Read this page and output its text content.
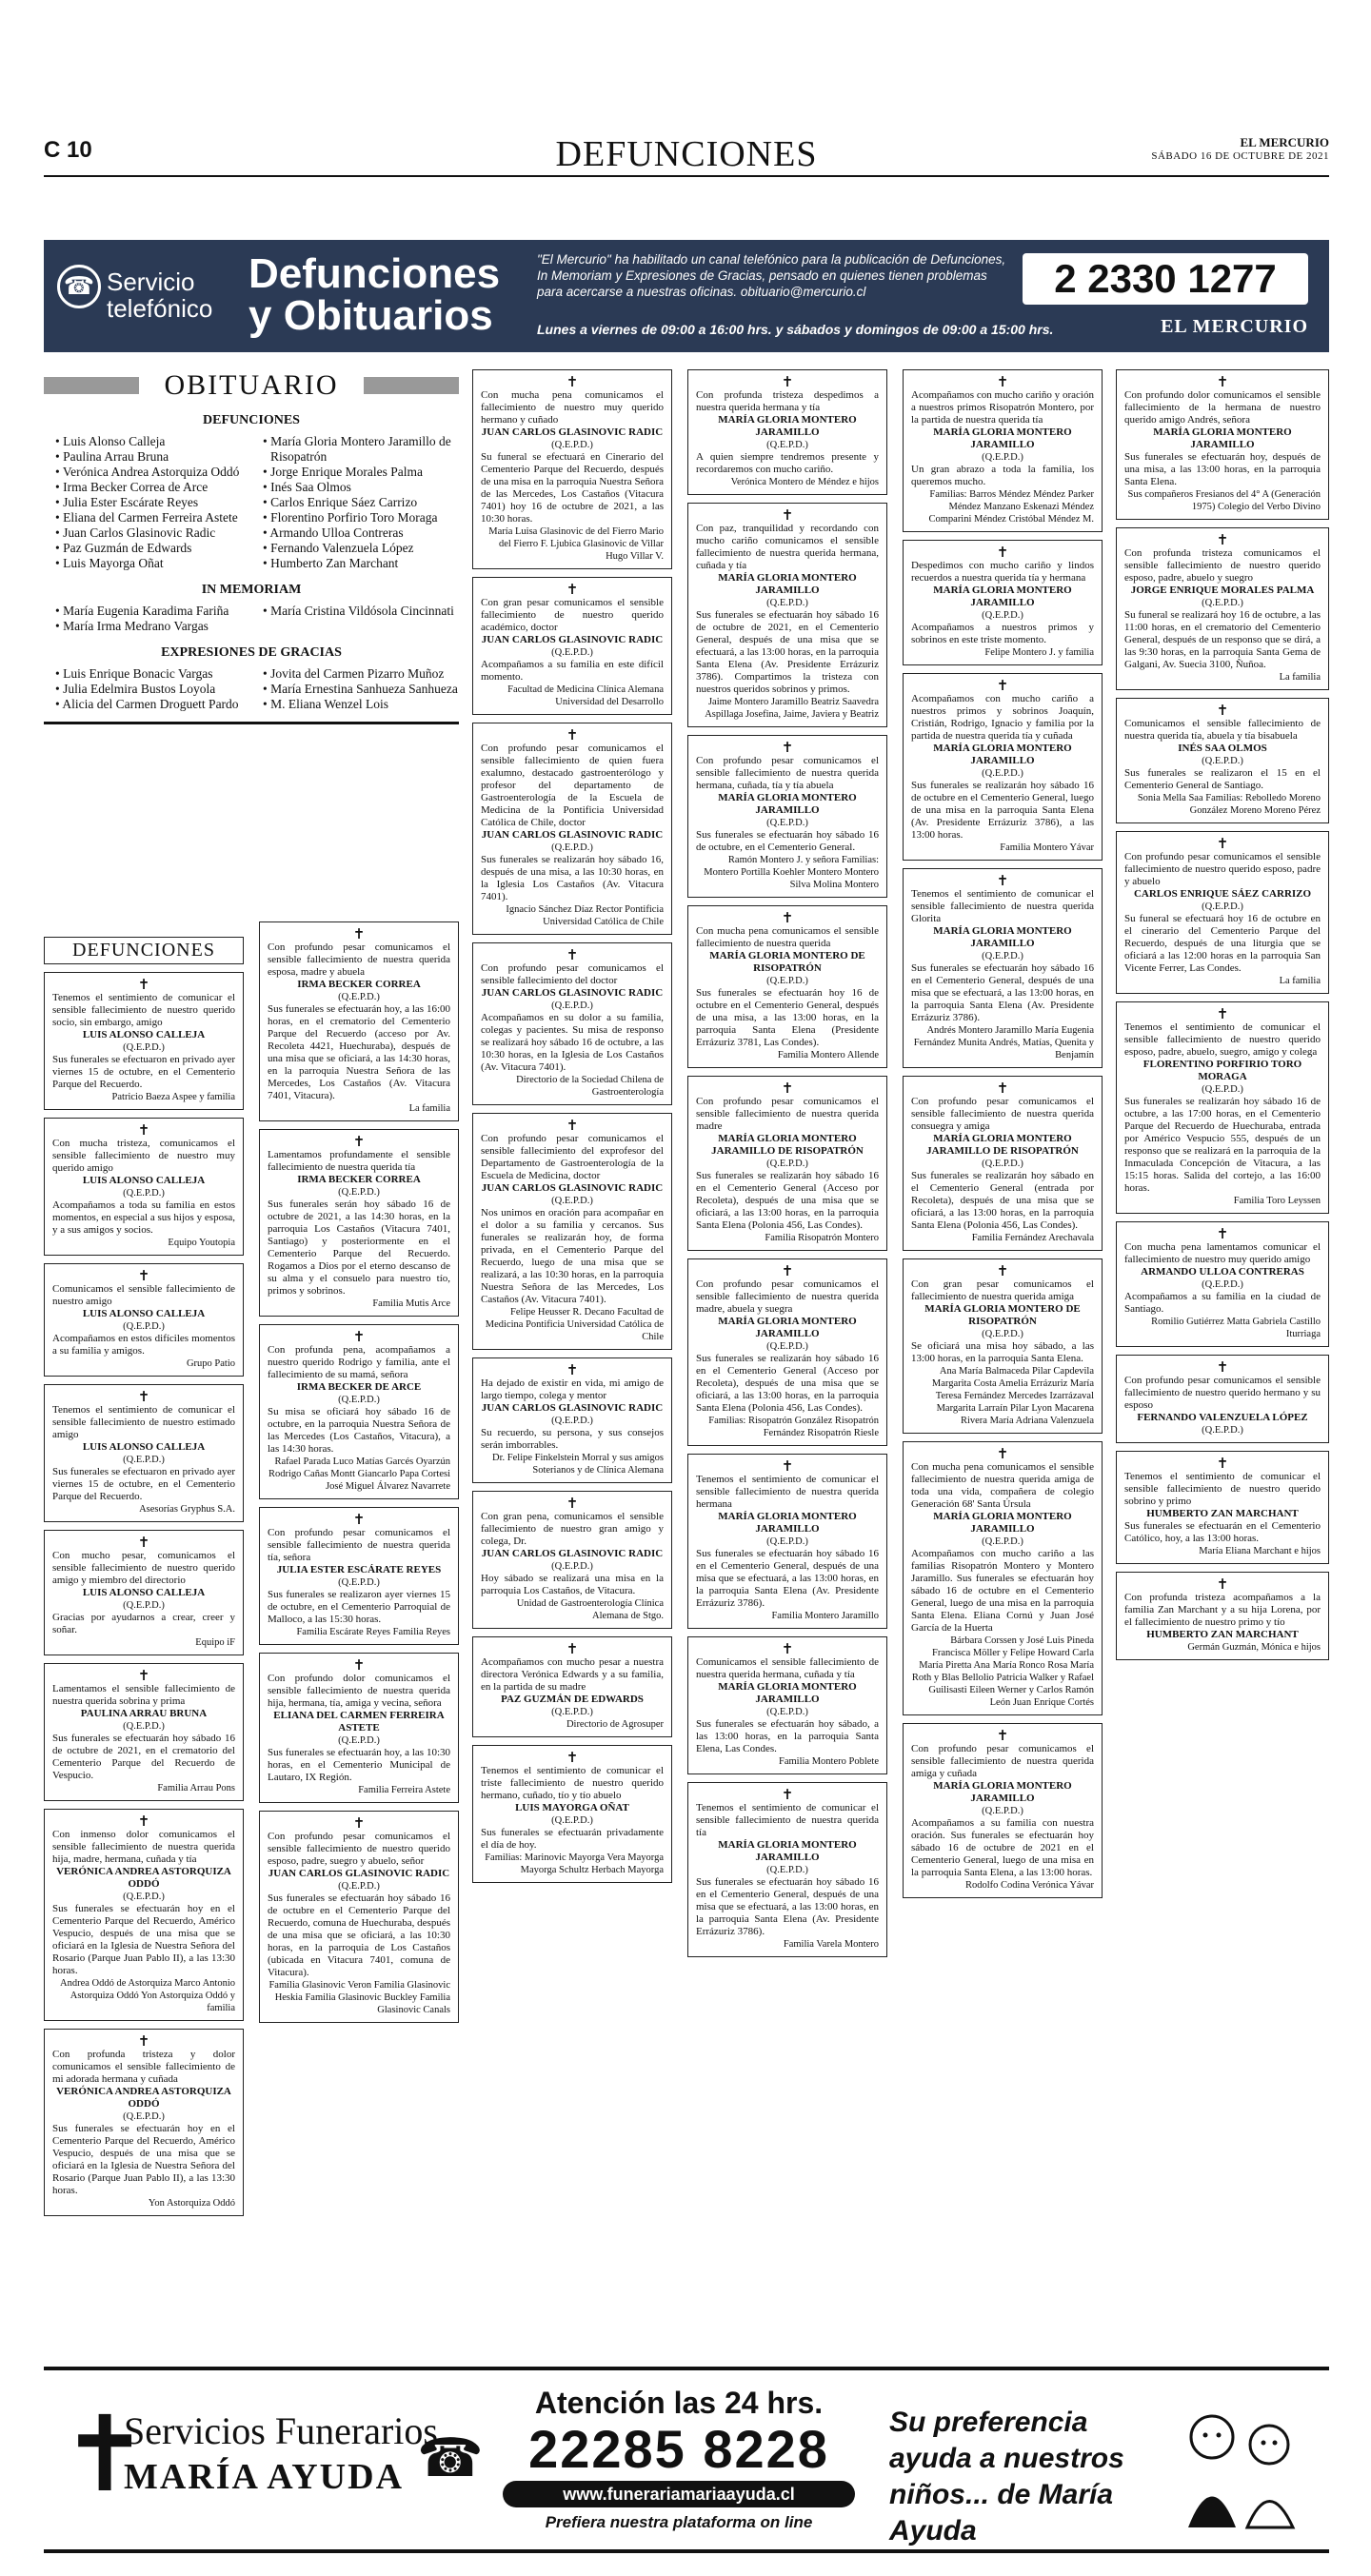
C 10	DEFUNCIONES	EL MERCURIO
SÁBADO 16 DE OCTUBRE DE 2021
☎ Servicio telefónico
Defunciones y Obituarios
"El Mercurio" ha habilitado un canal telefónico para la publicación de Defunciones, In Memoriam y Expresiones de Gracias, pensado en quienes tienen problemas para acercarse a nuestras oficinas. obituario@mercurio.cl
Lunes a viernes de 09:00 a 16:00 hrs. y sábados y domingos de 09:00 a 15:00 hrs.
2 2330 1277
EL MERCURIO
OBITUARIO
DEFUNCIONES
• Luis Alonso Calleja
• Paulina Arrau Bruna
• Verónica Andrea Astorquiza Oddó
• Irma Becker Correa de Arce
• Julia Ester Escárate Reyes
• Eliana del Carmen Ferreira Astete
• Juan Carlos Glasinovic Radic
• Paz Guzmán de Edwards
• Luis Mayorga Oñat
• María Gloria Montero Jaramillo de Risopatrón
• Jorge Enrique Morales Palma
• Inés Saa Olmos
• Carlos Enrique Sáez Carrizo
• Florentino Porfirio Toro Moraga
• Armando Ulloa Contreras
• Fernando Valenzuela López
• Humberto Zan Marchant
IN MEMORIAM
• María Eugenia Karadima Fariña
• María Irma Medrano Vargas
• María Cristina Vildósola Cincinnati
EXPRESIONES DE GRACIAS
• Luis Enrique Bonacic Vargas
• Julia Edelmira Bustos Loyola
• Alicia del Carmen Droguett Pardo
• Jovita del Carmen Pizarro Muñoz
• María Ernestina Sanhueza Sanhueza
• M. Eliana Wenzel Lois
DEFUNCIONES
✝

Tenemos el sentimiento de comunicar el sensible fallecimiento de nuestro querido socio, sin embargo, amigo

LUIS ALONSO CALLEJA
(Q.E.P.D.)

Sus funerales se efectuaron en privado ayer viernes 15 de octubre, en el Cementerio Parque del Recuerdo.

Patricio Baeza Aspee y familia
✝

Con mucha tristeza, comunicamos el sensible fallecimiento de nuestro muy querido amigo

LUIS ALONSO CALLEJA
(Q.E.P.D.)

Acompañamos a toda su familia en estos momentos, en especial a sus hijos y esposa, y a sus amigos y socios.

Equipo Youtopia
✝

Comunicamos el sensible fallecimiento de nuestro amigo

LUIS ALONSO CALLEJA
(Q.E.P.D.)

Acompañamos en estos difíciles momentos a su familia y amigos.

Grupo Patio
✝

Tenemos el sentimiento de comunicar el sensible fallecimiento de nuestro estimado amigo

LUIS ALONSO CALLEJA
(Q.E.P.D.)

Sus funerales se efectuaron en privado ayer viernes 15 de octubre, en el Cementerio Parque del Recuerdo.

Asesorías Gryphus S.A.
✝

Con mucho pesar, comunicamos el sensible fallecimiento de nuestro querido amigo y miembro del directorio

LUIS ALONSO CALLEJA
(Q.E.P.D.)

Gracias por ayudarnos a crear, creer y soñar.

Equipo iF
✝

Lamentamos el sensible fallecimiento de nuestra querida sobrina y prima

PAULINA ARRAU BRUNA
(Q.E.P.D.)

Sus funerales se efectuarán hoy sábado 16 de octubre de 2021, en el crematorio del Cementerio Parque del Recuerdo de Vespucio.

Familia Arrau Pons
✝

Con inmenso dolor comunicamos el sensible fallecimiento de nuestra querida hija, madre, hermana, cuñada y tía

VERÓNICA ANDREA ASTORQUIZA ODDÓ
(Q.E.P.D.)

Sus funerales se efectuarán hoy en el Cementerio Parque del Recuerdo, Américo Vespucio, después de una misa que se oficiará en la Iglesia de Nuestra Señora del Rosario (Parque Juan Pablo II), a las 13:30 horas.

Andrea Oddó de Astorquiza Marco Antonio Astorquiza Oddó Yon Astorquiza Oddó y familia
✝

Con profunda tristeza y dolor comunicamos el sensible fallecimiento de mi adorada hermana y cuñada

VERÓNICA ANDREA ASTORQUIZA ODDÓ
(Q.E.P.D.)

Sus funerales se efectuarán hoy en el Cementerio Parque del Recuerdo, Américo Vespucio, después de una misa que se oficiará en la Iglesia de Nuestra Señora del Rosario (Parque Juan Pablo II), a las 13:30 horas.

Yon Astorquiza Oddó
✝

Con profundo pesar comunicamos el sensible fallecimiento de nuestra querida esposa, madre y abuela

IRMA BECKER CORREA
(Q.E.P.D.)

Sus funerales se efectuarán hoy, a las 16:00 horas, en el crematorio del Cementerio Parque del Recuerdo (acceso por Av. Recoleta 4421, Huechuraba), después de una misa que se oficiará, a las 14:30 horas, en la parroquia Nuestra Señora de las Mercedes, Los Castaños (Av. Vitacura 7401, Vitacura).

La familia
✝

Lamentamos profundamente el sensible fallecimiento de nuestra querida tía

IRMA BECKER CORREA
(Q.E.P.D.)

Sus funerales serán hoy sábado 16 de octubre de 2021, a las 14:30 horas, en la parroquia Los Castaños (Vitacura 7401, Santiago) y posteriormente en el Cementerio Parque del Recuerdo. Rogamos a Dios por el eterno descanso de su alma y el consuelo para nuestro tío, primos y sobrinos.

Familia Mutis Arce
✝

Con profunda pena, acompañamos a nuestro querido Rodrigo y familia, ante el fallecimiento de su mamá, señora

IRMA BECKER DE ARCE
(Q.E.P.D.)

Su misa se oficiará hoy sábado 16 de octubre, en la parroquia Nuestra Señora de las Mercedes (Los Castaños, Vitacura), a las 14:30 horas.

Rafael Parada Luco Matías Garcés Oyarzún Rodrigo Cañas Montt Giancarlo Papa Cortesi José Miguel Álvarez Navarrete
✝

Con profundo pesar comunicamos el sensible fallecimiento de nuestra querida tía, señora

JULIA ESTER ESCÁRATE REYES
(Q.E.P.D.)

Sus funerales se realizaron ayer viernes 15 de octubre, en el Cementerio Parroquial de Malloco, a las 15:30 horas.

Familia Escárate Reyes Familia Reyes
✝

Con profundo dolor comunicamos el sensible fallecimiento de nuestra querida hija, hermana, tía, amiga y vecina, señora

ELIANA DEL CARMEN FERREIRA ASTETE
(Q.E.P.D.)

Sus funerales se efectuarán hoy, a las 10:30 horas, en el Cementerio Municipal de Lautaro, IX Región.

Familia Ferreira Astete
✝

Con profundo pesar comunicamos el sensible fallecimiento de nuestro querido esposo, padre, suegro y abuelo, señor

JUAN CARLOS GLASINOVIC RADIC
(Q.E.P.D.)

Sus funerales se efectuarán hoy sábado 16 de octubre en el Cementerio Parque del Recuerdo, comuna de Huechuraba, después de una misa que se oficiará, a las 10:30 horas, en la parroquia de Los Castaños (ubicada en Vitacura 7401, comuna de Vitacura).

Familia Glasinovic Veron Familia Glasinovic Heskia Familia Glasinovic Buckley Familia Glasinovic Canals
✝

Con mucha pena comunicamos el fallecimiento de nuestro muy querido hermano y cuñado

JUAN CARLOS GLASINOVIC RADIC
(Q.E.P.D.)

Su funeral se efectuará en Cinerario del Cementerio Parque del Recuerdo, después de una misa en la parroquia Nuestra Señora de las Mercedes, Los Castaños (Vitacura 7401) hoy 16 de octubre de 2021, a las 10:30 horas.

María Luisa Glasinovic de del Fierro Mario del Fierro F. Ljubica Glasinovic de Villar Hugo Villar V.
✝

Con gran pesar comunicamos el sensible fallecimiento de nuestro querido académico, doctor

JUAN CARLOS GLASINOVIC RADIC
(Q.E.P.D.)

Acompañamos a su familia en este difícil momento.

Facultad de Medicina Clínica Alemana Universidad del Desarrollo
✝

Con profundo pesar comunicamos el sensible fallecimiento de quien fuera exalumno, destacado gastroenterólogo y profesor del departamento de Gastroenterología de la Escuela de Medicina de la Pontificia Universidad Católica de Chile, doctor

JUAN CARLOS GLASINOVIC RADIC
(Q.E.P.D.)

Sus funerales se realizarán hoy sábado 16, después de una misa, a las 10:30 horas, en la Iglesia Los Castaños (Av. Vitacura 7401).

Ignacio Sánchez Díaz Rector Pontificia Universidad Católica de Chile
✝

Con profundo pesar comunicamos el sensible fallecimiento del doctor

JUAN CARLOS GLASINOVIC RADIC
(Q.E.P.D.)

Acompañamos en su dolor a su familia, colegas y pacientes. Su misa de responso se realizará hoy sábado 16 de octubre, a las 10:30 horas, en la Iglesia de Los Castaños (Av. Vitacura 7401).

Directorio de la Sociedad Chilena de Gastroenterología
✝

Con profundo pesar comunicamos el sensible fallecimiento del exprofesor del Departamento de Gastroenterología de la Escuela de Medicina, doctor

JUAN CARLOS GLASINOVIC RADIC
(Q.E.P.D.)

Nos unimos en oración para acompañar en el dolor a su familia y cercanos. Sus funerales se realizarán hoy, de forma privada, en el Cementerio Parque del Recuerdo, luego de una misa que se realizará, a las 10:30 horas, en la parroquia Nuestra Señora de las Mercedes, Los Castaños (Av. Vitacura 7401).

Felipe Heusser R. Decano Facultad de Medicina Pontificia Universidad Católica de Chile
✝

Ha dejado de existir en vida, mi amigo de largo tiempo, colega y mentor

JUAN CARLOS GLASINOVIC RADIC
(Q.E.P.D.)

Su recuerdo, su persona, y sus consejos serán imborrables.

Dr. Felipe Finkelstein Morral y sus amigos Soterianos y de Clínica Alemana
✝

Con gran pena, comunicamos el sensible fallecimiento de nuestro gran amigo y colega, Dr.

JUAN CARLOS GLASINOVIC RADIC
(Q.E.P.D.)

Hoy sábado se realizará una misa en la parroquia Los Castaños, de Vitacura.

Unidad de Gastroenterología Clínica Alemana de Stgo.
✝

Acompañamos con mucho pesar a nuestra directora Verónica Edwards y a su familia, en la partida de su madre

PAZ GUZMÁN DE EDWARDS
(Q.E.P.D.)
Directorio de Agrosuper
✝

Tenemos el sentimiento de comunicar el triste fallecimiento de nuestro querido hermano, cuñado, tío y tío abuelo

LUIS MAYORGA OÑAT
(Q.E.P.D.)

Sus funerales se efectuarán privadamente el día de hoy.

Familias: Marinovic Mayorga Vera Mayorga Mayorga Schultz Herbach Mayorga
✝

Con profunda tristeza despedimos a nuestra querida hermana y tía

MARÍA GLORIA MONTERO JARAMILLO
(Q.E.P.D.)

A quien siempre tendremos presente y recordaremos con mucho cariño.

Verónica Montero de Méndez e hijos
✝

Con paz, tranquilidad y recordando con mucho cariño comunicamos el sensible fallecimiento de nuestra querida hermana, cuñada y tía

MARÍA GLORIA MONTERO JARAMILLO
(Q.E.P.D.)

Sus funerales se efectuarán hoy sábado 16 de octubre de 2021, en el Cementerio General, después de una misa que se efectuará, a las 13:00 horas, en la parroquia Santa Elena (Av. Presidente Errázuriz 3786). Compartimos la tristeza con nuestros queridos sobrinos y primos.

Jaime Montero Jaramillo Beatriz Saavedra Aspillaga Josefina, Jaime, Javiera y Beatriz
✝

Con profundo pesar comunicamos el sensible fallecimiento de nuestra querida hermana, cuñada, tía y tía abuela

MARÍA GLORIA MONTERO JARAMILLO
(Q.E.P.D.)

Sus funerales se efectuarán hoy sábado 16 de octubre, en el Cementerio General.

Ramón Montero J. y señora Familias: Montero Portilla Koehler Montero Montero Silva Molina Montero
✝

Con mucha pena comunicamos el sensible fallecimiento de nuestra querida

MARÍA GLORIA MONTERO DE RISOPATRÓN
(Q.E.P.D.)

Sus funerales se efectuarán hoy 16 de octubre en el Cementerio General, después de una misa, a las 13:00 horas, en la parroquia Santa Elena (Presidente Errázuriz 3781, Las Condes).

Familia Montero Allende
✝

Con profundo pesar comunicamos el sensible fallecimiento de nuestra querida madre

MARÍA GLORIA MONTERO JARAMILLO DE RISOPATRÓN
(Q.E.P.D.)

Sus funerales se realizarán hoy sábado 16 en el Cementerio General (Acceso por Recoleta), después de una misa que se oficiará, a las 13:00 horas, en la parroquia Santa Elena (Polonia 456, Las Condes).

Familia Risopatrón Montero
✝

Con profundo pesar comunicamos el sensible fallecimiento de nuestra querida madre, abuela y suegra

MARÍA GLORIA MONTERO JARAMILLO
(Q.E.P.D.)

Sus funerales se realizarán hoy sábado 16 en el Cementerio General (Acceso por Recoleta), después de una misa que se oficiará, a las 13:00 horas, en la parroquia Santa Elena (Polonia 456, Las Condes).

Familias: Risopatrón González Risopatrón Fernández Risopatrón Riesle
✝

Tenemos el sentimiento de comunicar el sensible fallecimiento de nuestra querida hermana

MARÍA GLORIA MONTERO JARAMILLO
(Q.E.P.D.)

Sus funerales se efectuarán hoy sábado 16 en el Cementerio General, después de una misa que se efectuará, a las 13:00 horas, en la parroquia Santa Elena (Av. Presidente Errázuriz 3786).

Familia Montero Jaramillo
✝

Comunicamos el sensible fallecimiento de nuestra querida hermana, cuñada y tía

MARÍA GLORIA MONTERO JARAMILLO
(Q.E.P.D.)

Sus funerales se efectuarán hoy sábado, a las 13:00 horas, en la parroquia Santa Elena, Las Condes.

Familia Montero Poblete
✝

Tenemos el sentimiento de comunicar el sensible fallecimiento de nuestra querida tía

MARÍA GLORIA MONTERO JARAMILLO
(Q.E.P.D.)

Sus funerales se efectuarán hoy sábado 16 en el Cementerio General, después de una misa que se efectuará, a las 13:00 horas, en la parroquia Santa Elena (Av. Presidente Errázuriz 3786).

Familia Varela Montero
✝

Acompañamos con mucho cariño y oración a nuestros primos Risopatrón Montero, por la partida de nuestra querida tía

MARÍA GLORIA MONTERO JARAMILLO
(Q.E.P.D.)

Un gran abrazo a toda la familia, los queremos mucho.

Familias: Barros Méndez Méndez Parker Méndez Manzano Eskenazi Méndez Comparini Méndez Cristóbal Méndez M.
✝

Despedimos con mucho cariño y lindos recuerdos a nuestra querida tía y hermana

MARÍA GLORIA MONTERO JARAMILLO
(Q.E.P.D.)

Acompañamos a nuestros primos y sobrinos en este triste momento.

Felipe Montero J. y familia
✝

Acompañamos con mucho cariño a nuestros primos y sobrinos Joaquín, Cristián, Rodrigo, Ignacio y familia por la partida de nuestra querida tía y cuñada

MARÍA GLORIA MONTERO JARAMILLO
(Q.E.P.D.)

Sus funerales se realizarán hoy sábado 16 de octubre en el Cementerio General, luego de una misa en la parroquia Santa Elena (Av. Presidente Errázuriz 3786), a las 13:00 horas.

Familia Montero Yávar
✝

Tenemos el sentimiento de comunicar el sensible fallecimiento de nuestra querida Glorita

MARÍA GLORIA MONTERO JARAMILLO
(Q.E.P.D.)

Sus funerales se efectuarán hoy sábado 16 en el Cementerio General, después de una misa que se efectuará, a las 13:00 horas, en la parroquia Santa Elena (Av. Presidente Errázuriz 3786).

Andrés Montero Jaramillo María Eugenia Fernández Munita Andrés, Matías, Quenita y Benjamín
✝

Con profundo pesar comunicamos el sensible fallecimiento de nuestra querida consuegra y amiga

MARÍA GLORIA MONTERO JARAMILLO DE RISOPATRÓN
(Q.E.P.D.)

Sus funerales se realizarán hoy sábado en el Cementerio General (entrada por Recoleta), después de una misa que se oficiará, a las 13:00 horas, en la parroquia Santa Elena (Polonia 456, Las Condes).

Familia Fernández Arechavala
✝

Con gran pesar comunicamos el fallecimiento de nuestra querida amiga

MARÍA GLORIA MONTERO DE RISOPATRÓN
(Q.E.P.D.)

Se oficiará una misa hoy sábado, a las 13:00 horas, en la parroquia Santa Elena.

Ana María Balmaceda Pilar Capdevila Margarita Costa Amelia Errázuriz María Teresa Fernández Mercedes Izarrázaval Margarita Larraín Pilar Lyon Macarena Rivera María Adriana Valenzuela
✝

Con mucha pena comunicamos el sensible fallecimiento de nuestra querida amiga de toda una vida, compañera de colegio Generación 68' Santa Úrsula

MARÍA GLORIA MONTERO JARAMILLO
(Q.E.P.D.)

Acompañamos con mucho cariño a las familias Risopatrón Montero y Montero Jaramillo. Sus funerales se efectuarán hoy sábado 16 de octubre en el Cementerio General, luego de una misa en la parroquia Santa Elena. Eliana Cornú y Juan José García de la Huerta

Bárbara Corssen y José Luis Pineda Francisca Möller y Felipe Howard Carla María Piretta Ana María Ronco Rosa María Roth y Blas Bellolio Patricia Walker y Rafael Guilisasti Eileen Werner y Carlos Ramón León Juan Enrique Cortés
✝

Con profundo pesar comunicamos el sensible fallecimiento de nuestra querida amiga y cuñada

MARÍA GLORIA MONTERO JARAMILLO
(Q.E.P.D.)

Acompañamos a su familia con nuestra oración. Sus funerales se efectuarán hoy sábado 16 de octubre de 2021 en el Cementerio General, luego de una misa en la parroquia Santa Elena, a las 13:00 horas.

Rodolfo Codina Verónica Yávar
✝

Con profundo dolor comunicamos el sensible fallecimiento de la hermana de nuestro querido amigo Andrés, señora

MARÍA GLORIA MONTERO JARAMILLO

Sus funerales se efectuarán hoy, después de una misa, a las 13:00 horas, en la parroquia Santa Elena.

Sus compañeros Fresianos del 4° A (Generación 1975) Colegio del Verbo Divino
✝

Con profunda tristeza comunicamos el sensible fallecimiento de nuestro querido esposo, padre, abuelo y suegro

JORGE ENRIQUE MORALES PALMA
(Q.E.P.D.)

Su funeral se realizará hoy 16 de octubre, a las 11:00 horas, en el crematorio del Cementerio General, después de un responso que se dirá, a las 9:30 horas, en la parroquia Santa Gema de Galgani, Av. Suecia 3100, Ñuñoa.

La familia
✝

Comunicamos el sensible fallecimiento de nuestra querida tía, abuela y tía bisabuela

INÉS SAA OLMOS
(Q.E.P.D.)

Sus funerales se realizaron el 15 en el Cementerio General de Santiago.

Sonia Mella Saa Familias: Rebolledo Moreno González Moreno Moreno Pérez
✝

Con profundo pesar comunicamos el sensible fallecimiento de nuestro querido esposo, padre y abuelo

CARLOS ENRIQUE SÁEZ CARRIZO
(Q.E.P.D.)

Su funeral se efectuará hoy 16 de octubre en el cinerario del Cementerio Parque del Recuerdo, después de una liturgia que se oficiará a las 12:00 horas en la parroquia San Vicente Ferrer, Las Condes.

La familia
✝

Tenemos el sentimiento de comunicar el sensible fallecimiento de nuestro querido esposo, padre, abuelo, suegro, amigo y colega

FLORENTINO PORFIRIO TORO MORAGA
(Q.E.P.D.)

Sus funerales se realizarán hoy sábado 16 de octubre, a las 17:00 horas, en el Cementerio Parque del Recuerdo de Huechuraba, entrada por Américo Vespucio 555, después de un responso que se realizará en la parroquia de la Inmaculada Concepción de Vitacura, a las 15:15 horas. Salida del cortejo, a las 16:00 horas.

Familia Toro Leyssen
✝

Con mucha pena lamentamos comunicar el fallecimiento de nuestro muy querido amigo

ARMANDO ULLOA CONTRERAS
(Q.E.P.D.)

Acompañamos a su familia en la ciudad de Santiago.

Romilio Gutiérrez Matta Gabriela Castillo Iturriaga
✝

Con profundo pesar comunicamos el sensible fallecimiento de nuestro querido hermano y su esposo

FERNANDO VALENZUELA LÓPEZ
(Q.E.P.D.)
✝

Tenemos el sentimiento de comunicar el sensible fallecimiento de nuestro querido sobrino y primo

HUMBERTO ZAN MARCHANT

Sus funerales se efectuarán en el Cementerio Católico, hoy, a las 13:00 horas.

María Eliana Marchant e hijos
✝

Con profunda tristeza acompañamos a la familia Zan Marchant y a su hija Lorena, por el fallecimiento de nuestro primo y tío

HUMBERTO ZAN MARCHANT
Germán Guzmán, Mónica e hijos
✝
Servicios Funerarios
MARÍA AYUDA ☎
Atención las 24 hrs.
22285 8228
www.funerariamariaayuda.cl
Prefiera nuestra plataforma on line
Su preferencia ayuda a nuestros niños... de María Ayuda
